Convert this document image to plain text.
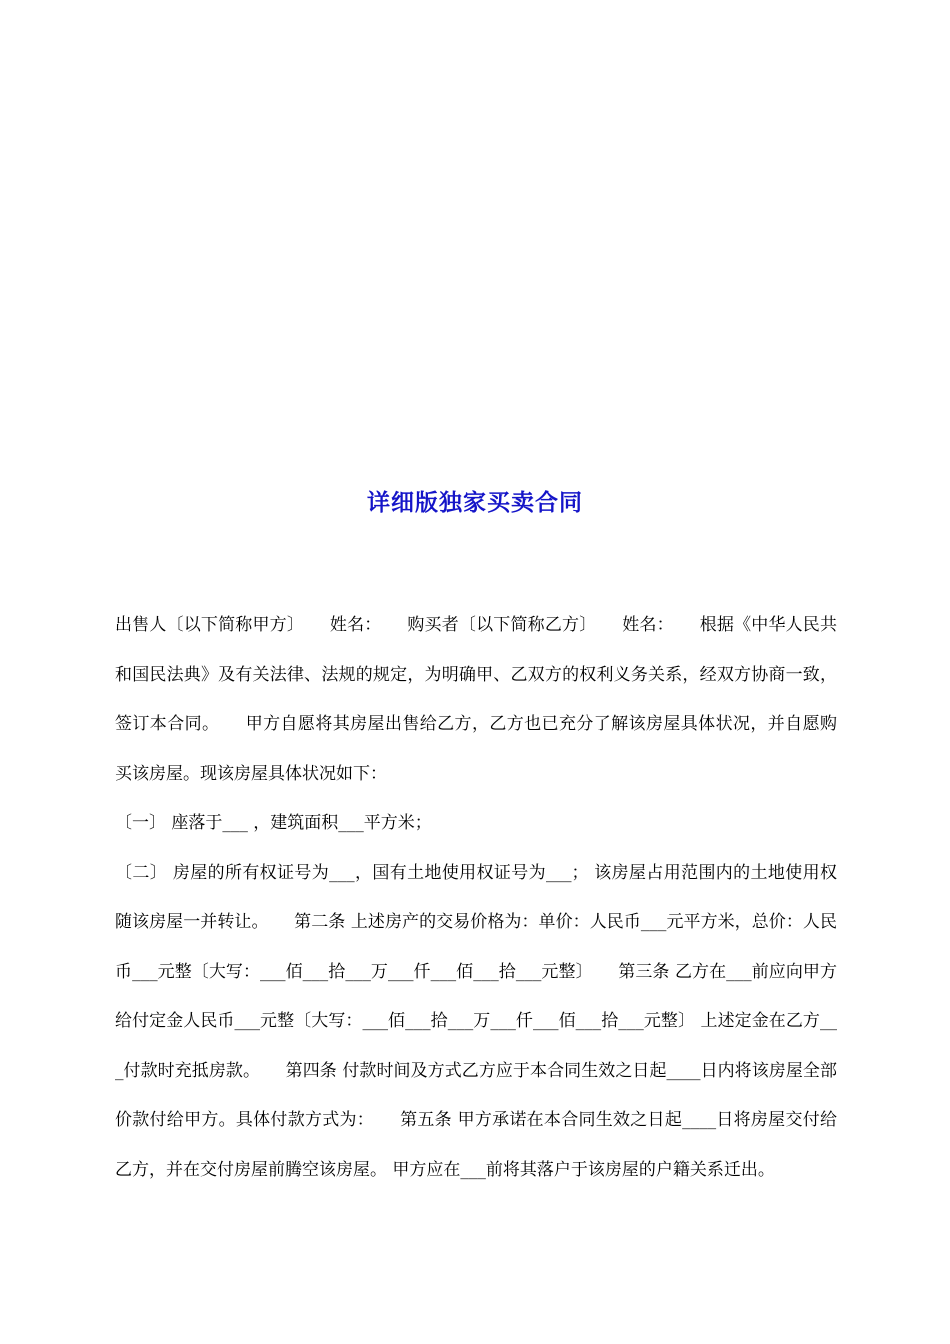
详细版独家买卖合同

出售人〔以下简称甲方〕　　姓名：　　购买者〔以下简称乙方〕　　姓名：　　根据《中华人民共和国民法典》及有关法律、法规的规定，为明确甲、乙双方的权利义务关系，经双方协商一致，签订本合同。　　甲方自愿将其房屋出售给乙方，乙方也已充分了解该房屋具体状况，并自愿购买该房屋。现该房屋具体状况如下：

〔一〕 座落于___ ，建筑面积___平方米；

〔二〕 房屋的所有权证号为___，国有土地使用权证号为___； 该房屋占用范围内的土地使用权随该房屋一并转让。　　第二条 上述房产的交易价格为：单价：人民币___元平方米，总价：人民币___元整〔大写：___佰___拾___万___仟___佰___拾___元整〕　　第三条 乙方在___前应向甲方给付定金人民币___元整〔大写：___佰___拾___万___仟___佰___拾___元整〕 上述定金在乙方___付款时充抵房款。　　第四条 付款时间及方式乙方应于本合同生效之日起____日内将该房屋全部价款付给甲方。具体付款方式为：　　第五条 甲方承诺在本合同生效之日起____日将房屋交付给乙方，并在交付房屋前腾空该房屋。 甲方应在___前将其落户于该房屋的户籍关系迁出。
